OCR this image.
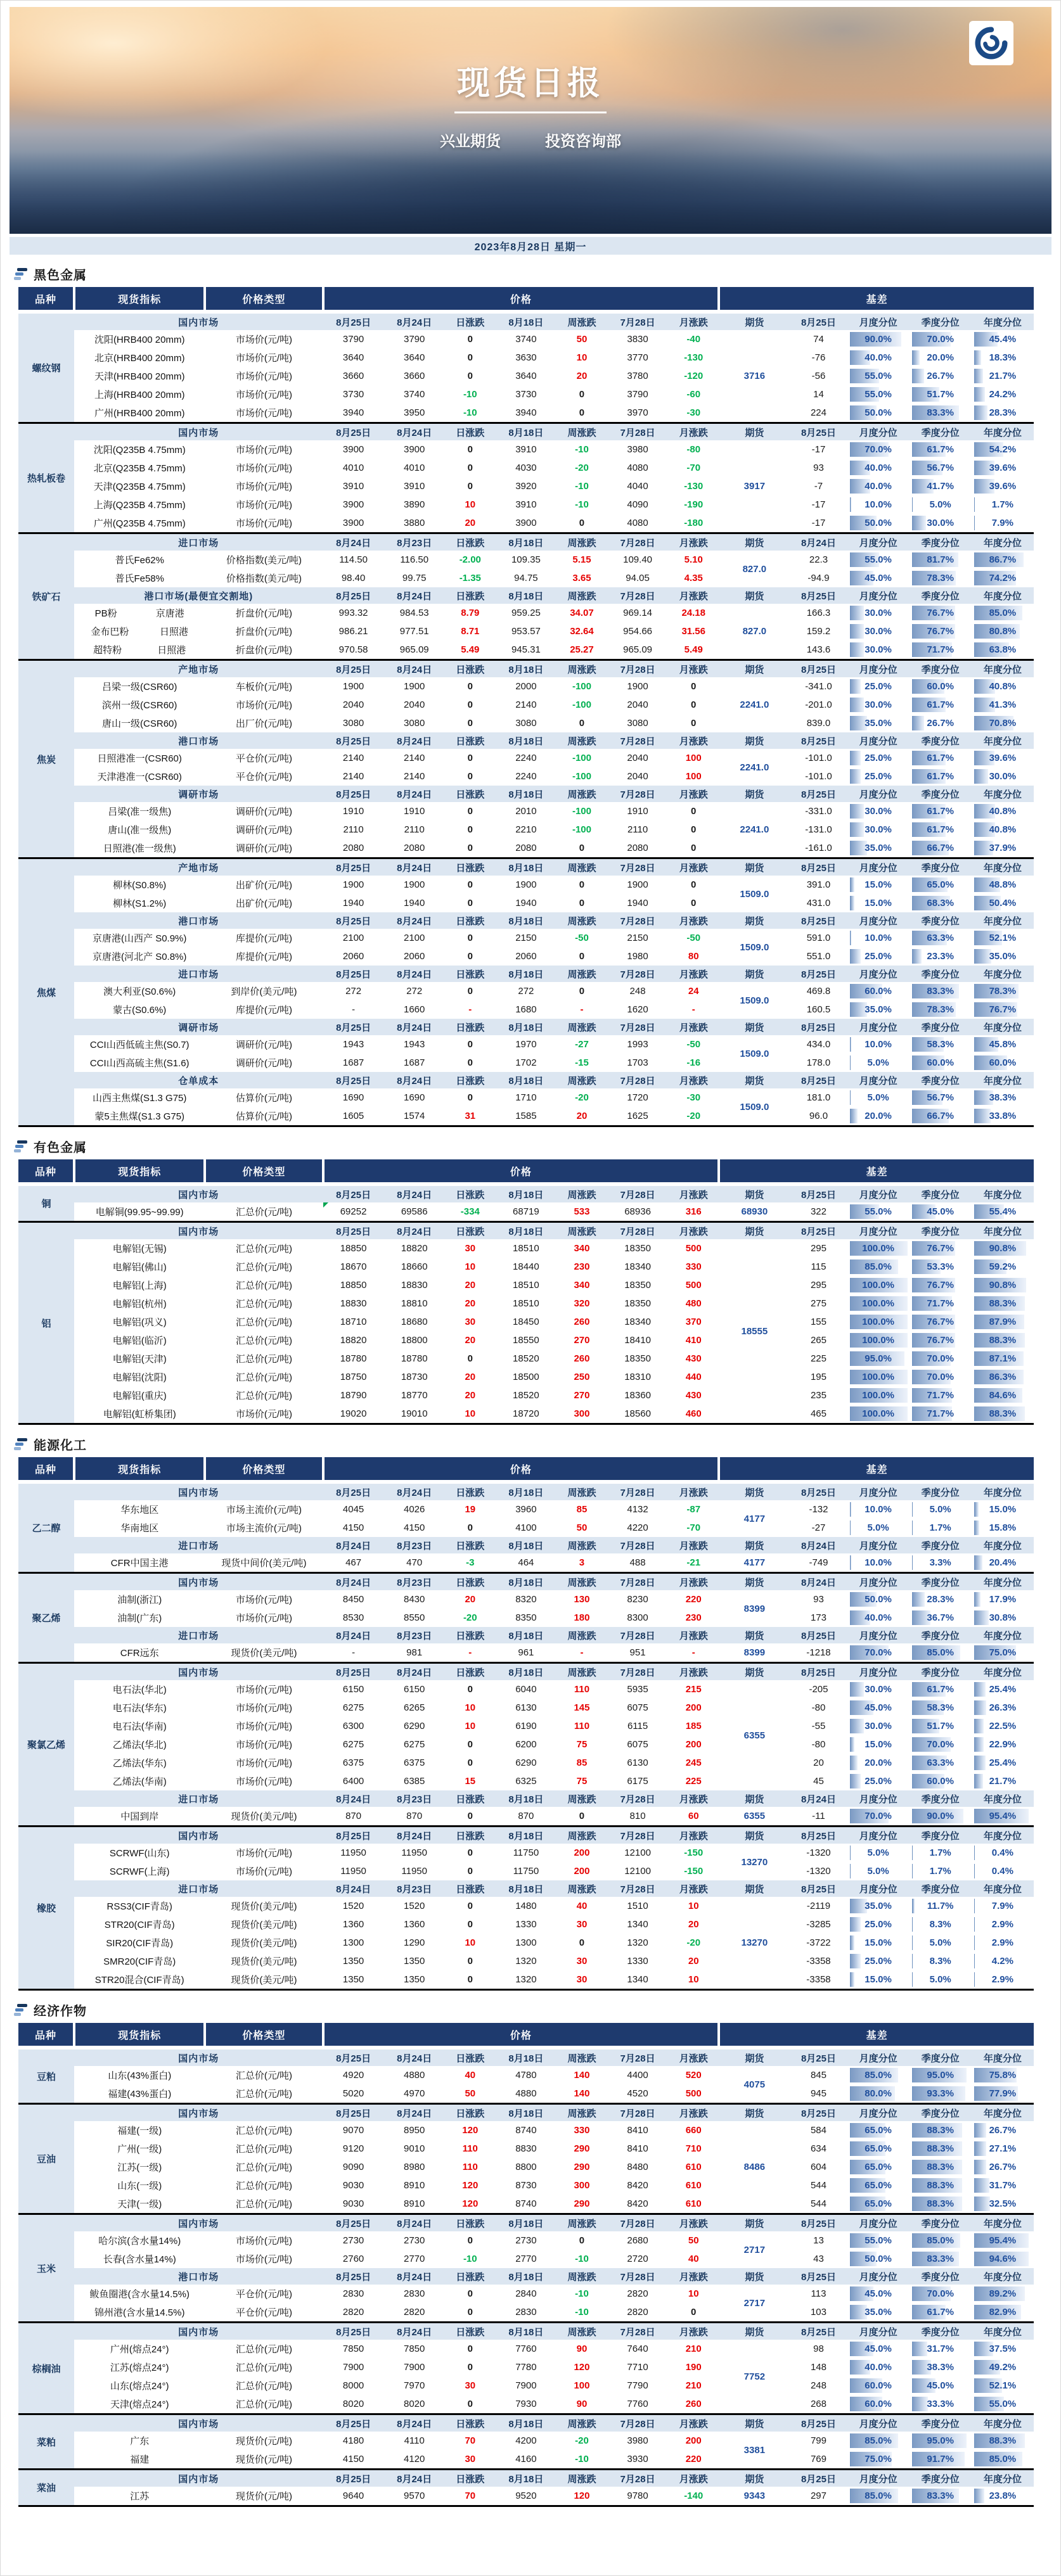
现货日报
兴业期货	投资咨询部
2023年8月28日 星期一
黑色金属
品种	现货指标	价格类型	价格							基差				
螺纹钢	国内市场		8月25日	8月24日	日涨跌	8月18日	周涨跌	7月28日	月涨跌	期货	8月25日	月度分位	季度分位	年度分位
	沈阳(HRB400 20mm)	市场价(元/吨)	3790	3790	0	3740	50	3830	-40	3716	74	90.0%	70.0%	45.4%
	北京(HRB400 20mm)	市场价(元/吨)	3640	3640	0	3630	10	3770	-130		-76	40.0%	20.0%	18.3%
	天津(HRB400 20mm)	市场价(元/吨)	3660	3660	0	3640	20	3780	-120		-56	55.0%	26.7%	21.7%
	上海(HRB400 20mm)	市场价(元/吨)	3730	3740	-10	3730	0	3790	-60		14	55.0%	51.7%	24.2%
	广州(HRB400 20mm)	市场价(元/吨)	3940	3950	-10	3940	0	3970	-30		224	50.0%	83.3%	28.3%
热轧板卷	国内市场		8月25日	8月24日	日涨跌	8月18日	周涨跌	7月28日	月涨跌	期货	8月25日	月度分位	季度分位	年度分位
	沈阳(Q235B 4.75mm)	市场价(元/吨)	3900	3900	0	3910	-10	3980	-80	3917	-17	70.0%	61.7%	54.2%
	北京(Q235B 4.75mm)	市场价(元/吨)	4010	4010	0	4030	-20	4080	-70		93	40.0%	56.7%	39.6%
	天津(Q235B 4.75mm)	市场价(元/吨)	3910	3910	0	3920	-10	4040	-130		-7	40.0%	41.7%	39.6%
	上海(Q235B 4.75mm)	市场价(元/吨)	3900	3890	10	3910	-10	4090	-190		-17	10.0%	5.0%	1.7%
	广州(Q235B 4.75mm)	市场价(元/吨)	3900	3880	20	3900	0	4080	-180		-17	50.0%	30.0%	7.9%
铁矿石	进口市场		8月24日	8月23日	日涨跌	8月18日	周涨跌	7月28日	月涨跌	期货	8月24日	月度分位	季度分位	年度分位
	普氏Fe62%	价格指数(美元/吨)	114.50	116.50	-2.00	109.35	5.15	109.40	5.10	827.0	22.3	55.0%	81.7%	86.7%
	普氏Fe58%	价格指数(美元/吨)	98.40	99.75	-1.35	94.75	3.65	94.05	4.35		-94.9	45.0%	78.3%	74.2%
	港口市场(最便宜交割地)		8月25日	8月24日	日涨跌	8月18日	周涨跌	7月28日	月涨跌	期货	8月25日	月度分位	季度分位	年度分位

	PB粉 京唐港	折盘价(元/吨)	993.32	984.53	8.79	959.25	34.07	969.14	24.18	827.0	166.3	30.0%	76.7%	85.0%

	金布巴粉 日照港	折盘价(元/吨)	986.21	977.51	8.71	953.57	32.64	954.66	31.56		159.2	30.0%	76.7%	80.8%

	超特粉 日照港	折盘价(元/吨)	970.58	965.09	5.49	945.31	25.27	965.09	5.49		143.6	30.0%	71.7%	63.8%
焦炭	产地市场		8月25日	8月24日	日涨跌	8月18日	周涨跌	7月28日	月涨跌	期货	8月25日	月度分位	季度分位	年度分位
	吕梁一级(CSR60)	车板价(元/吨)	1900	1900	0	2000	-100	1900	0	2241.0	-341.0	25.0%	60.0%	40.8%
	滨州一级(CSR60)	市场价(元/吨)	2040	2040	0	2140	-100	2040	0		-201.0	30.0%	61.7%	41.3%
	唐山一级(CSR60)	出厂价(元/吨)	3080	3080	0	3080	0	3080	0		839.0	35.0%	26.7%	70.8%
	港口市场		8月25日	8月24日	日涨跌	8月18日	周涨跌	7月28日	月涨跌	期货	8月25日	月度分位	季度分位	年度分位
	日照港准一(CSR60)	平仓价(元/吨)	2140	2140	0	2240	-100	2040	100	2241.0	-101.0	25.0%	61.7%	39.6%
	天津港准一(CSR60)	平仓价(元/吨)	2140	2140	0	2240	-100	2040	100		-101.0	25.0%	61.7%	30.0%
	调研市场		8月25日	8月24日	日涨跌	8月18日	周涨跌	7月28日	月涨跌	期货	8月25日	月度分位	季度分位	年度分位
	吕梁(准一级焦)	调研价(元/吨)	1910	1910	0	2010	-100	1910	0	2241.0	-331.0	30.0%	61.7%	40.8%
	唐山(准一级焦)	调研价(元/吨)	2110	2110	0	2210	-100	2110	0		-131.0	30.0%	61.7%	40.8%
	日照港(准一级焦)	调研价(元/吨)	2080	2080	0	2080	0	2080	0		-161.0	35.0%	66.7%	37.9%
焦煤	产地市场		8月25日	8月24日	日涨跌	8月18日	周涨跌	7月28日	月涨跌	期货	8月25日	月度分位	季度分位	年度分位
	柳林(S0.8%)	出矿价(元/吨)	1900	1900	0	1900	0	1900	0	1509.0	391.0	15.0%	65.0%	48.8%
	柳林(S1.2%)	出矿价(元/吨)	1940	1940	0	1940	0	1940	0		431.0	15.0%	68.3%	50.4%
	港口市场		8月25日	8月24日	日涨跌	8月18日	周涨跌	7月28日	月涨跌	期货	8月25日	月度分位	季度分位	年度分位
	京唐港(山西产 S0.9%)	库提价(元/吨)	2100	2100	0	2150	-50	2150	-50	1509.0	591.0	10.0%	63.3%	52.1%
	京唐港(河北产 S0.8%)	库提价(元/吨)	2060	2060	0	2060	0	1980	80		551.0	25.0%	23.3%	35.0%
	进口市场		8月25日	8月24日	日涨跌	8月18日	周涨跌	7月28日	月涨跌	期货	8月25日	月度分位	季度分位	年度分位
	澳大利亚(S0.6%)	到岸价(美元/吨)	272	272	0	272	0	248	24	1509.0	469.8	60.0%	83.3%	78.3%
	蒙古(S0.6%)	库提价(元/吨)	-	1660	-	1680	-	1620	-		160.5	35.0%	78.3%	76.7%
	调研市场		8月25日	8月24日	日涨跌	8月18日	周涨跌	7月28日	月涨跌	期货	8月25日	月度分位	季度分位	年度分位
	CCI山西低硫主焦(S0.7)	调研价(元/吨)	1943	1943	0	1970	-27	1993	-50	1509.0	434.0	10.0%	58.3%	45.8%
	CCI山西高硫主焦(S1.6)	调研价(元/吨)	1687	1687	0	1702	-15	1703	-16		178.0	5.0%	60.0%	60.0%
	仓单成本		8月25日	8月24日	日涨跌	8月18日	周涨跌	7月28日	月涨跌	期货	8月25日	月度分位	季度分位	年度分位
	山西主焦煤(S1.3 G75)	估算价(元/吨)	1690	1690	0	1710	-20	1720	-30	1509.0	181.0	5.0%	56.7%	38.3%
	蒙5主焦煤(S1.3 G75)	估算价(元/吨)	1605	1574	31	1585	20	1625	-20		96.0	20.0%	66.7%	33.8%
有色金属
品种	现货指标	价格类型	价格							基差				
铜	国内市场		8月25日	8月24日	日涨跌	8月18日	周涨跌	7月28日	月涨跌	期货	8月25日	月度分位	季度分位	年度分位
	电解铜(99.95~99.99)	汇总价(元/吨)	69252	69586	-334	68719	533	68936	316	68930	322	55.0%	45.0%	55.4%
铝	国内市场		8月25日	8月24日	日涨跌	8月18日	周涨跌	7月28日	月涨跌	期货	8月25日	月度分位	季度分位	年度分位
	电解铝(无锡)	汇总价(元/吨)	18850	18820	30	18510	340	18350	500	18555	295	100.0%	76.7%	90.8%
	电解铝(佛山)	汇总价(元/吨)	18670	18660	10	18440	230	18340	330		115	85.0%	53.3%	59.2%
	电解铝(上海)	汇总价(元/吨)	18850	18830	20	18510	340	18350	500		295	100.0%	76.7%	90.8%
	电解铝(杭州)	汇总价(元/吨)	18830	18810	20	18510	320	18350	480		275	100.0%	71.7%	88.3%
	电解铝(巩义)	汇总价(元/吨)	18710	18680	30	18450	260	18340	370		155	100.0%	76.7%	87.9%
	电解铝(临沂)	汇总价(元/吨)	18820	18800	20	18550	270	18410	410		265	100.0%	76.7%	88.3%
	电解铝(天津)	汇总价(元/吨)	18780	18780	0	18520	260	18350	430		225	95.0%	70.0%	87.1%
	电解铝(沈阳)	汇总价(元/吨)	18750	18730	20	18500	250	18310	440		195	100.0%	70.0%	86.3%
	电解铝(重庆)	汇总价(元/吨)	18790	18770	20	18520	270	18360	430		235	100.0%	71.7%	84.6%
	电解铝(虹桥集团)	市场价(元/吨)	19020	19010	10	18720	300	18560	460		465	100.0%	71.7%	88.3%
能源化工
品种	现货指标	价格类型	价格							基差				
乙二醇	国内市场		8月25日	8月24日	日涨跌	8月18日	周涨跌	7月28日	月涨跌	期货	8月25日	月度分位	季度分位	年度分位
	华东地区	市场主流价(元/吨)	4045	4026	19	3960	85	4132	-87	4177	-132	10.0%	5.0%	15.0%
	华南地区	市场主流价(元/吨)	4150	4150	0	4100	50	4220	-70		-27	5.0%	1.7%	15.8%
	进口市场		8月24日	8月23日	日涨跌	8月18日	周涨跌	7月28日	月涨跌	期货	8月24日	月度分位	季度分位	年度分位
	CFR中国主港	现货中间价(美元/吨)	467	470	-3	464	3	488	-21	4177	-749	10.0%	3.3%	20.4%
聚乙烯	国内市场		8月24日	8月23日	日涨跌	8月18日	周涨跌	7月28日	月涨跌	期货	8月24日	月度分位	季度分位	年度分位
	油制(浙江)	市场价(元/吨)	8450	8430	20	8320	130	8230	220	8399	93	50.0%	28.3%	17.9%
	油制(广东)	市场价(元/吨)	8530	8550	-20	8350	180	8300	230		173	40.0%	36.7%	30.8%
	进口市场		8月24日	8月23日	日涨跌	8月18日	周涨跌	7月28日	月涨跌	期货	8月25日	月度分位	季度分位	年度分位
	CFR远东	现货价(美元/吨)	-	981	-	961	-	951	-	8399	-1218	70.0%	85.0%	75.0%
聚氯乙烯	国内市场		8月25日	8月24日	日涨跌	8月18日	周涨跌	7月28日	月涨跌	期货	8月25日	月度分位	季度分位	年度分位
	电石法(华北)	市场价(元/吨)	6150	6150	0	6040	110	5935	215	6355	-205	30.0%	61.7%	25.4%
	电石法(华东)	市场价(元/吨)	6275	6265	10	6130	145	6075	200		-80	45.0%	58.3%	26.3%
	电石法(华南)	市场价(元/吨)	6300	6290	10	6190	110	6115	185		-55	30.0%	51.7%	22.5%
	乙烯法(华北)	市场价(元/吨)	6275	6275	0	6200	75	6075	200		-80	15.0%	70.0%	22.9%
	乙烯法(华东)	市场价(元/吨)	6375	6375	0	6290	85	6130	245		20	20.0%	63.3%	25.4%
	乙烯法(华南)	市场价(元/吨)	6400	6385	15	6325	75	6175	225		45	25.0%	60.0%	21.7%
	进口市场		8月24日	8月23日	日涨跌	8月18日	周涨跌	7月28日	月涨跌	期货	8月24日	月度分位	季度分位	年度分位
	中国到岸	现货价(美元/吨)	870	870	0	870	0	810	60	6355	-11	70.0%	90.0%	95.4%
橡胶	国内市场		8月25日	8月24日	日涨跌	8月18日	周涨跌	7月28日	月涨跌	期货	8月25日	月度分位	季度分位	年度分位
	SCRWF(山东)	市场价(元/吨)	11950	11950	0	11750	200	12100	-150	13270	-1320	5.0%	1.7%	0.4%
	SCRWF(上海)	市场价(元/吨)	11950	11950	0	11750	200	12100	-150		-1320	5.0%	1.7%	0.4%
	进口市场		8月24日	8月23日	日涨跌	8月18日	周涨跌	7月28日	月涨跌	期货	8月25日	月度分位	季度分位	年度分位
	RSS3(CIF青岛)	现货价(美元/吨)	1520	1520	0	1480	40	1510	10	13270	-2119	35.0%	11.7%	7.9%
	STR20(CIF青岛)	现货价(美元/吨)	1360	1360	0	1330	30	1340	20		-3285	25.0%	8.3%	2.9%
	SIR20(CIF青岛)	现货价(美元/吨)	1300	1290	10	1300	0	1320	-20		-3722	15.0%	5.0%	2.9%
	SMR20(CIF青岛)	现货价(美元/吨)	1350	1350	0	1320	30	1330	20		-3358	25.0%	8.3%	4.2%
	STR20混合(CIF青岛)	现货价(美元/吨)	1350	1350	0	1320	30	1340	10		-3358	15.0%	5.0%	2.9%
经济作物
品种	现货指标	价格类型	价格							基差				
豆粕	国内市场		8月25日	8月24日	日涨跌	8月18日	周涨跌	7月28日	月涨跌	期货	8月25日	月度分位	季度分位	年度分位
	山东(43%蛋白)	汇总价(元/吨)	4920	4880	40	4780	140	4400	520	4075	845	85.0%	95.0%	75.8%
	福建(43%蛋白)	汇总价(元/吨)	5020	4970	50	4880	140	4520	500		945	80.0%	93.3%	77.9%
豆油	国内市场		8月25日	8月24日	日涨跌	8月18日	周涨跌	7月28日	月涨跌	期货	8月25日	月度分位	季度分位	年度分位
	福建(一级)	汇总价(元/吨)	9070	8950	120	8740	330	8410	660	8486	584	65.0%	88.3%	26.7%
	广州(一级)	汇总价(元/吨)	9120	9010	110	8830	290	8410	710		634	65.0%	88.3%	27.1%
	江苏(一级)	汇总价(元/吨)	9090	8980	110	8800	290	8480	610		604	65.0%	88.3%	26.7%
	山东(一级)	汇总价(元/吨)	9030	8910	120	8730	300	8420	610		544	65.0%	88.3%	31.7%
	天津(一级)	汇总价(元/吨)	9030	8910	120	8740	290	8420	610		544	65.0%	88.3%	32.5%
玉米	国内市场		8月25日	8月24日	日涨跌	8月18日	周涨跌	7月28日	月涨跌	期货	8月25日	月度分位	季度分位	年度分位
	哈尔滨(含水量14%)	市场价(元/吨)	2730	2730	0	2730	0	2680	50	2717	13	55.0%	85.0%	95.4%
	长春(含水量14%)	市场价(元/吨)	2760	2770	-10	2770	-10	2720	40		43	50.0%	83.3%	94.6%
	港口市场		8月25日	8月24日	日涨跌	8月18日	周涨跌	7月28日	月涨跌	期货	8月25日	月度分位	季度分位	年度分位
	鲅鱼圈港(含水量14.5%)	平仓价(元/吨)	2830	2830	0	2840	-10	2820	10	2717	113	45.0%	70.0%	89.2%
	锦州港(含水量14.5%)	平仓价(元/吨)	2820	2820	0	2830	-10	2820	0		103	35.0%	61.7%	82.9%
棕榈油	国内市场		8月25日	8月24日	日涨跌	8月18日	周涨跌	7月28日	月涨跌	期货	8月25日	月度分位	季度分位	年度分位
	广州(熔点24°)	汇总价(元/吨)	7850	7850	0	7760	90	7640	210	7752	98	45.0%	31.7%	37.5%
	江苏(熔点24°)	汇总价(元/吨)	7900	7900	0	7780	120	7710	190		148	40.0%	38.3%	49.2%
	山东(熔点24°)	汇总价(元/吨)	8000	7970	30	7900	100	7790	210		248	60.0%	45.0%	52.1%
	天津(熔点24°)	汇总价(元/吨)	8020	8020	0	7930	90	7760	260		268	60.0%	33.3%	55.0%
菜粕	国内市场		8月25日	8月24日	日涨跌	8月18日	周涨跌	7月28日	月涨跌	期货	8月25日	月度分位	季度分位	年度分位
	广东	现货价(元/吨)	4180	4110	70	4200	-20	3980	200	3381	799	85.0%	95.0%	88.3%
	福建	现货价(元/吨)	4150	4120	30	4160	-10	3930	220		769	75.0%	91.7%	85.0%
菜油	国内市场		8月25日	8月24日	日涨跌	8月18日	周涨跌	7月28日	月涨跌	期货	8月25日	月度分位	季度分位	年度分位
	江苏	现货价(元/吨)	9640	9570	70	9520	120	9780	-140	9343	297	85.0%	83.3%	23.8%
